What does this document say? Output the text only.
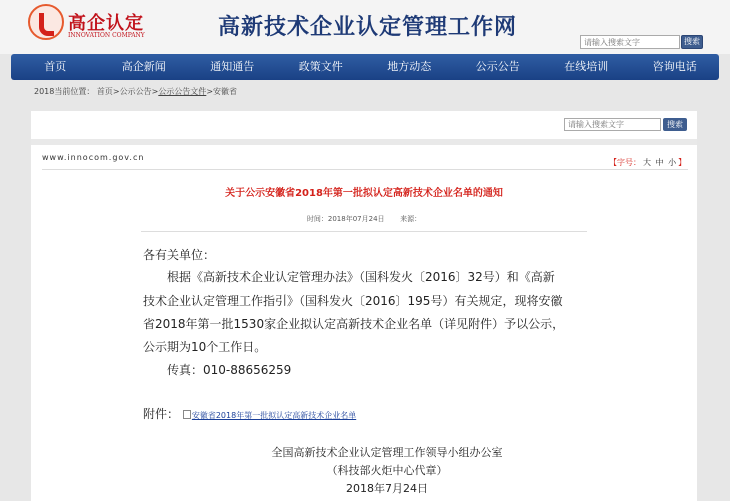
高企认定
INNOVATION COMPANY	高新技术企业认定管理工作网
请输入搜索文字
搜索
首页	高企新闻	通知通告	政策文件	地方动态	公示公告	在线培训	咨询电话
2018当前位置： 首页>公示公告>公示公告文件>安徽省
请输入搜索文字
搜索
www.innocom.gov.cn
【字号： 大 中 小 】
关于公示安徽省2018年第一批拟认定高新技术企业名单的通知
时间：2018年07月24日 来源：
各有关单位：
　　根据《高新技术企业认定管理办法》（国科发火〔2016〕32号）和《高新
技术企业认定管理工作指引》（国科发火〔2016〕195号）有关规定，现将安徽
省2018年第一批1530家企业拟认定高新技术企业名单（详见附件）予以公示，
公示期为10个工作日。
　　传真：010-88656259
附件： 安徽省2018年第一批拟认定高新技术企业名单
全国高新技术企业认定管理工作领导小组办公室
（科技部火炬中心代章）
2018年7月24日
